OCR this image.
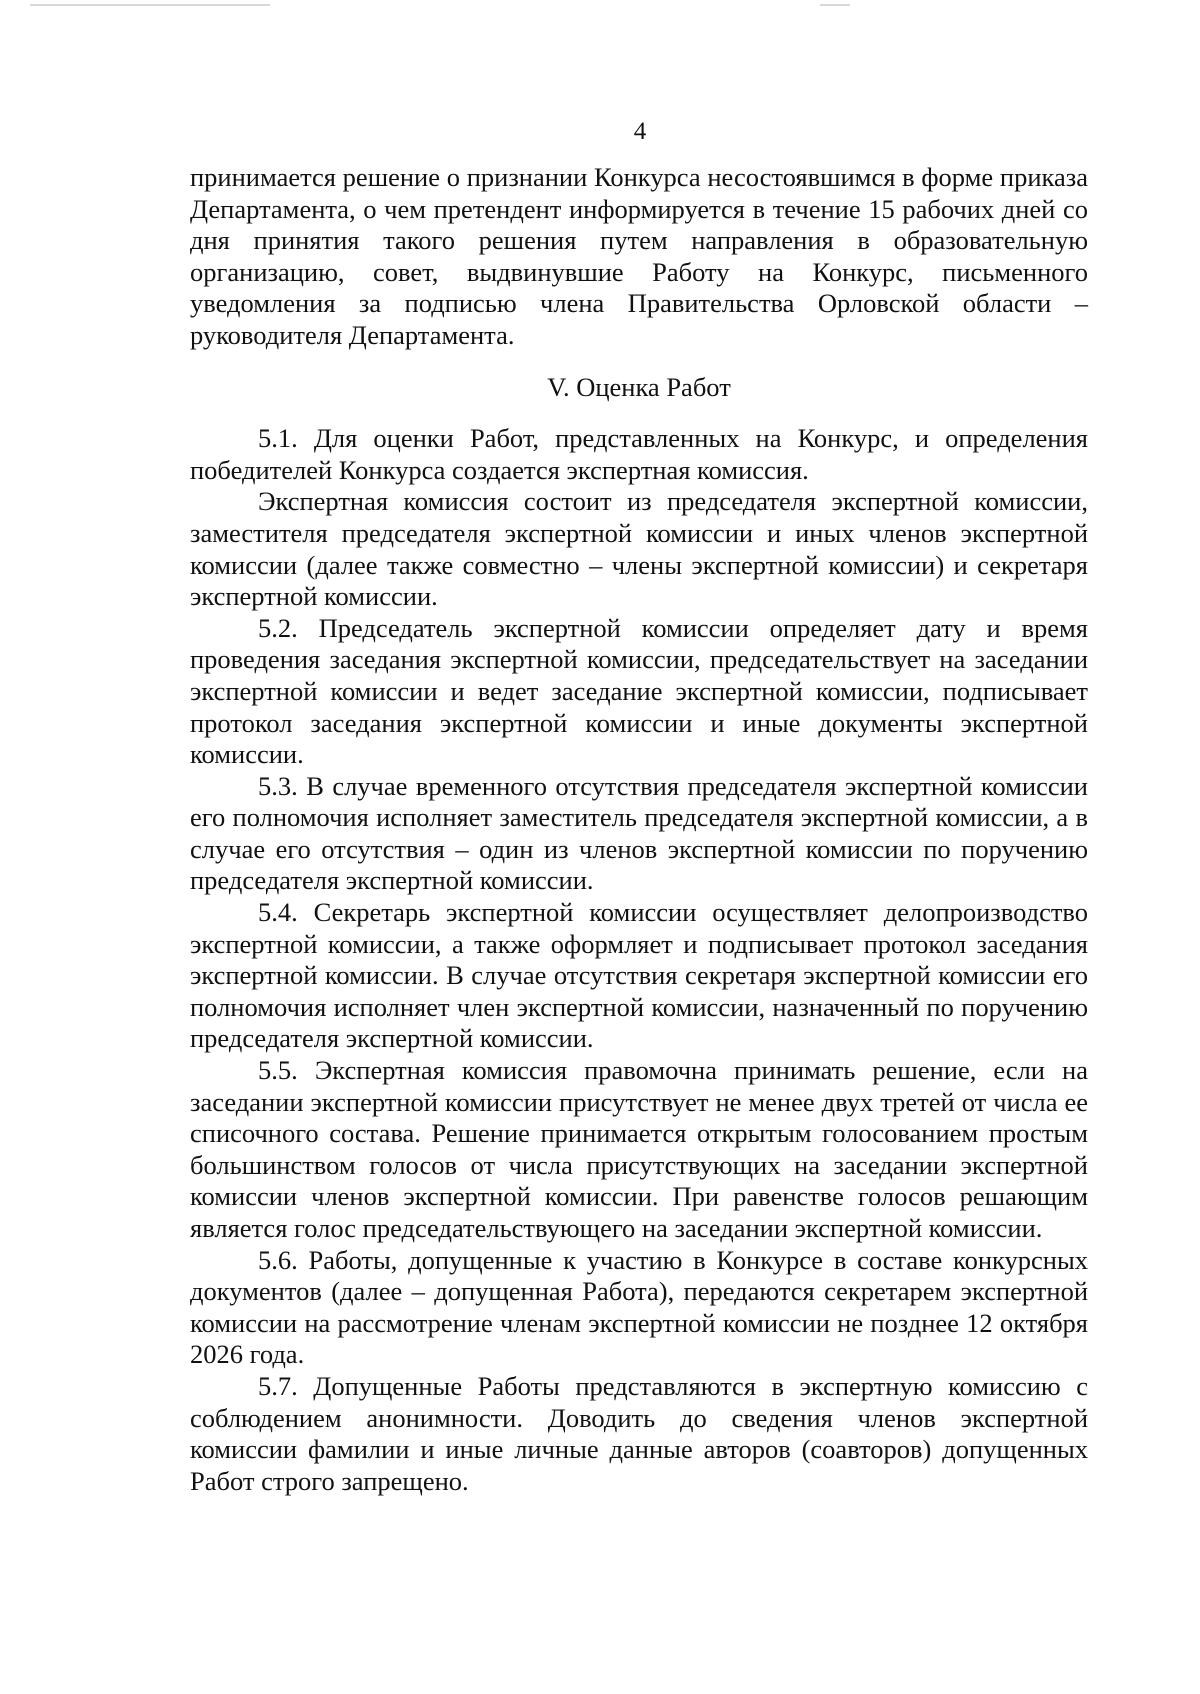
4

принимается решение о признании Конкурса несостоявшимся в форме приказа Департамента, о чем претендент информируется в течение 15 рабочих дней со дня принятия такого решения путем направления в образовательную организацию, совет, выдвинувшие Работу на Конкурс, письменного уведомления за подписью члена Правительства Орловской области – руководителя Департамента.

V. Оценка Работ

5.1. Для оценки Работ, представленных на Конкурс, и определения победителей Конкурса создается экспертная комиссия.

Экспертная комиссия состоит из председателя экспертной комиссии, заместителя председателя экспертной комиссии и иных членов экспертной комиссии (далее также совместно – члены экспертной комиссии) и секретаря экспертной комиссии.

5.2. Председатель экспертной комиссии определяет дату и время проведения заседания экспертной комиссии, председательствует на заседании экспертной комиссии и ведет заседание экспертной комиссии, подписывает протокол заседания экспертной комиссии и иные документы экспертной комиссии.

5.3. В случае временного отсутствия председателя экспертной комиссии его полномочия исполняет заместитель председателя экспертной комиссии, а в случае его отсутствия – один из членов экспертной комиссии по поручению председателя экспертной комиссии.

5.4. Секретарь экспертной комиссии осуществляет делопроизводство экспертной комиссии, а также оформляет и подписывает протокол заседания экспертной комиссии. В случае отсутствия секретаря экспертной комиссии его полномочия исполняет член экспертной комиссии, назначенный по поручению председателя экспертной комиссии.

5.5. Экспертная комиссия правомочна принимать решение, если на заседании экспертной комиссии присутствует не менее двух третей от числа ее списочного состава. Решение принимается открытым голосованием простым большинством голосов от числа присутствующих на заседании экспертной комиссии членов экспертной комиссии. При равенстве голосов решающим является голос председательствующего на заседании экспертной комиссии.

5.6. Работы, допущенные к участию в Конкурсе в составе конкурсных документов (далее – допущенная Работа), передаются секретарем экспертной комиссии на рассмотрение членам экспертной комиссии не позднее 12 октября 2026 года.

5.7. Допущенные Работы представляются в экспертную комиссию с соблюдением анонимности. Доводить до сведения членов экспертной комиссии фамилии и иные личные данные авторов (соавторов) допущенных Работ строго запрещено.
